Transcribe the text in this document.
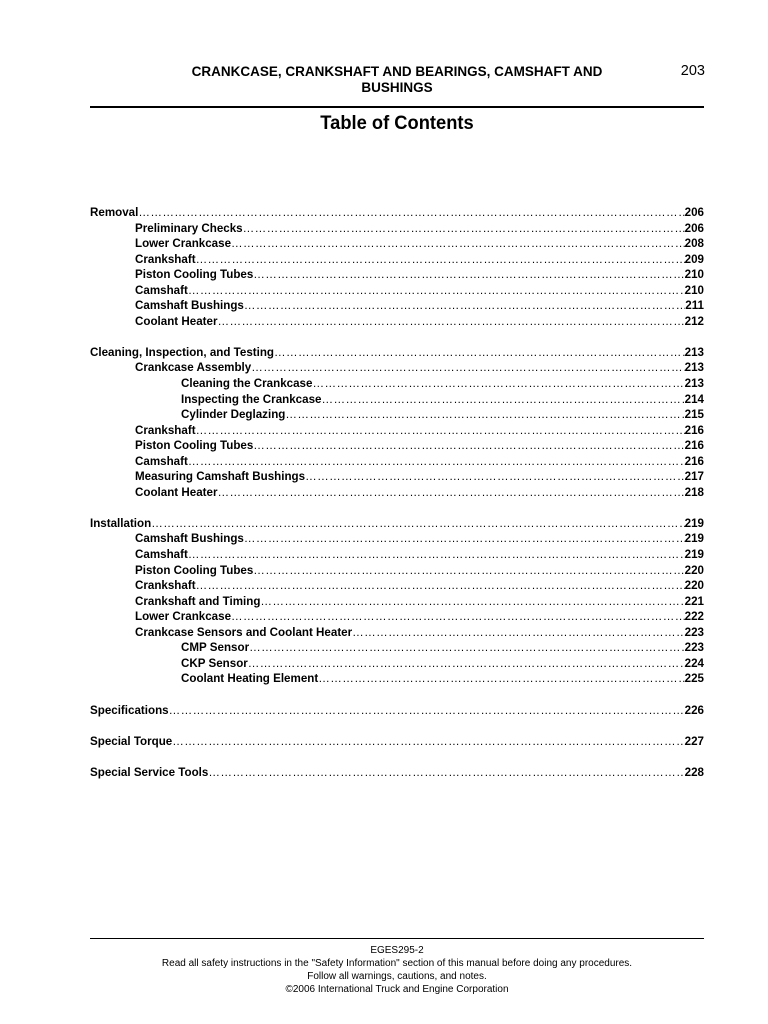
CRANKCASE, CRANKSHAFT AND BEARINGS, CAMSHAFT AND
BUSHINGS
203
Table of Contents
Removal ………………………………………………………………………………………………………………………………………………………………………………………………………………………………	206
Preliminary Checks ………………………………………………………………………………………………………………………………………………………………………………………………………………………………	206
Lower Crankcase ………………………………………………………………………………………………………………………………………………………………………………………………………………………………	208
Crankshaft ………………………………………………………………………………………………………………………………………………………………………………………………………………………………	209
Piston Cooling Tubes ………………………………………………………………………………………………………………………………………………………………………………………………………………………………	210
Camshaft ………………………………………………………………………………………………………………………………………………………………………………………………………………………………	210
Camshaft Bushings ………………………………………………………………………………………………………………………………………………………………………………………………………………………………	211
Coolant Heater ………………………………………………………………………………………………………………………………………………………………………………………………………………………………	212
Cleaning, Inspection, and Testing ………………………………………………………………………………………………………………………………………………………………………………………………………………………………	213
Crankcase Assembly ………………………………………………………………………………………………………………………………………………………………………………………………………………………………	213
Cleaning the Crankcase ………………………………………………………………………………………………………………………………………………………………………………………………………………………………	213
Inspecting the Crankcase ………………………………………………………………………………………………………………………………………………………………………………………………………………………………	214
Cylinder Deglazing ………………………………………………………………………………………………………………………………………………………………………………………………………………………………	215
Crankshaft ………………………………………………………………………………………………………………………………………………………………………………………………………………………………	216
Piston Cooling Tubes ………………………………………………………………………………………………………………………………………………………………………………………………………………………………	216
Camshaft ………………………………………………………………………………………………………………………………………………………………………………………………………………………………	216
Measuring Camshaft Bushings ………………………………………………………………………………………………………………………………………………………………………………………………………………………………	217
Coolant Heater ………………………………………………………………………………………………………………………………………………………………………………………………………………………………	218
Installation ………………………………………………………………………………………………………………………………………………………………………………………………………………………………	219
Camshaft Bushings ………………………………………………………………………………………………………………………………………………………………………………………………………………………………	219
Camshaft ………………………………………………………………………………………………………………………………………………………………………………………………………………………………	219
Piston Cooling Tubes ………………………………………………………………………………………………………………………………………………………………………………………………………………………………	220
Crankshaft ………………………………………………………………………………………………………………………………………………………………………………………………………………………………	220
Crankshaft and Timing ………………………………………………………………………………………………………………………………………………………………………………………………………………………………	221
Lower Crankcase ………………………………………………………………………………………………………………………………………………………………………………………………………………………………	222
Crankcase Sensors and Coolant Heater ………………………………………………………………………………………………………………………………………………………………………………………………………………………………	223
CMP Sensor ………………………………………………………………………………………………………………………………………………………………………………………………………………………………	223
CKP Sensor ………………………………………………………………………………………………………………………………………………………………………………………………………………………………	224
Coolant Heating Element ………………………………………………………………………………………………………………………………………………………………………………………………………………………………	225
Specifications ………………………………………………………………………………………………………………………………………………………………………………………………………………………………	226
Special Torque ………………………………………………………………………………………………………………………………………………………………………………………………………………………………	227
Special Service Tools ………………………………………………………………………………………………………………………………………………………………………………………………………………………………	228
EGES295-2
Read all safety instructions in the "Safety Information" section of this manual before doing any procedures.
Follow all warnings, cautions, and notes.
©2006 International Truck and Engine Corporation
